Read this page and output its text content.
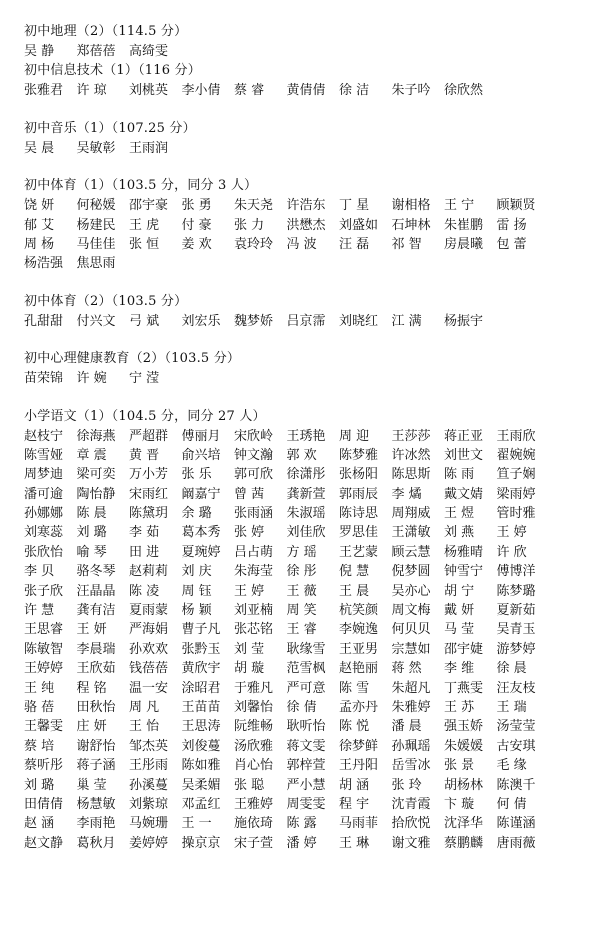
初中地理（2）（114.5 分）
吴 静	郑蓓蓓	高绮雯
初中信息技术（1）（116 分）
张雅君	许 琼	刘桃英	李小倩	蔡 睿	黄倩倩	徐 洁	朱子吟	徐欣然
初中音乐（1）（107.25 分）
吴 晨	吴敏彰	王雨润
初中体育（1）（103.5 分，同分 3 人）
饶 妍	何秘媛	邵宇豪	张 勇	朱天尧	许浩东	丁 星	谢相格	王 宁	顾颖贤
郁 艾	杨建民	王 虎	付 豪	张 力	洪懋杰	刘盛如	石坤林	朱崔鹏	雷 扬
周 杨	马佳佳	张 恒	姜 欢	袁玲玲	冯 波	汪 磊	祁 智	房晨曦	包 蕾
杨浩强	焦思雨
初中体育（2）（103.5 分）
孔甜甜	付兴文	弓 斌	刘宏乐	魏梦娇	吕京霈	刘晓红	江 满	杨振宇
初中心理健康教育（2）（103.5 分）
苗荣锦	许 婉	宁 滢
小学语文（1）（104.5 分，同分 27 人）
赵枝宁	徐海燕	严超群	傅丽月	宋欣岭	王琇艳	周 迎	王莎莎	蒋正亚	王雨欣
陈雪娅	章 震	黄 晋	俞兴培	钟文瀚	郭 欢	陈梦雅	许冰然	刘世文	翟婉婉
周梦迪	梁可奕	万小芳	张 乐	郭可欣	徐潇彤	张杨阳	陈思斯	陈 雨	笪子娴
潘可逾	陶怡静	宋雨红	阚嘉宁	曾 茜	龚新萱	郭雨辰	李 燏	戴文婧	梁雨婷
孙娜娜	陈 晨	陈黛玥	余 璐	张雨涵	朱淑瑶	陈诗思	周翔威	王 煜	管时雅
刘寒蕊	刘 璐	李 茹	葛本秀	张 婷	刘佳欣	罗思佳	王潇敏	刘 燕	王 婷
张欣怡	喻 琴	田 进	夏琬婷	吕占萌	方 瑶	王艺蒙	顾云慧	杨雅晴	许 欣
李 贝	骆冬琴	赵莉莉	刘 庆	朱海莹	徐 彤	倪 慧	倪梦圆	钟雪宁	傅博洋
张子欣	汪晶晶	陈 凌	周 钰	王 婷	王 薇	王 晨	吴亦心	胡 宁	陈梦璐
许 慧	龚有洁	夏雨蒙	杨 颖	刘亚楠	周 笑	杭笑颜	周文梅	戴 妍	夏新茹
王思睿	王 妍	严海娟	曹子凡	张芯铭	王 睿	李婉逸	何贝贝	马 莹	吴青玉
陈敏智	李晨瑞	孙欢欢	张黔玉	刘 莹	耿缘雪	王亚男	宗慧如	邵宇婕	游梦婷
王婷婷	王欣茹	钱蓓蓓	黄欣宇	胡 璇	范雪枫	赵艳丽	蒋 然	李 维	徐 晨
王 纯	程 铭	温一安	涂昭君	于雅凡	严可意	陈 雪	朱超凡	丁燕雯	汪友枝
骆 蓓	田秋怡	周 凡	王苗苗	刘馨怡	徐 倩	孟亦丹	朱雅婷	王 苏	王 瑞
王馨雯	庄 妍	王 怡	王思涛	阮维畅	耿听怡	陈 悦	潘 晨	强玉娇	汤莹莹
蔡 培	谢舒怡	邹杰英	刘俊蔓	汤欣雅	蒋文雯	徐梦鲜	孙珮瑶	朱媛媛	古安琪
蔡听彤	蒋子涵	王彤雨	陈如雅	肖心怡	郭梓萱	王丹阳	岳雪冰	张 景	毛 缘
刘 璐	巢 莹	孙溪蔓	吴柔媚	张 聪	严小慧	胡 涵	张 玲	胡杨林	陈澳千
田倩倩	杨慧敏	刘紫琼	邓孟红	王雅婷	周雯雯	程 宇	沈青霞	卞 璇	何 倩
赵 涵	李雨艳	马婉珊	王 一	施依琦	陈 露	马雨菲	拾欣悦	沈泽华	陈谨涵
赵文静	葛秋月	姜婷婷	操京京	宋子萱	潘 婷	王 琳	谢文雅	蔡鹏麟	唐雨薇
